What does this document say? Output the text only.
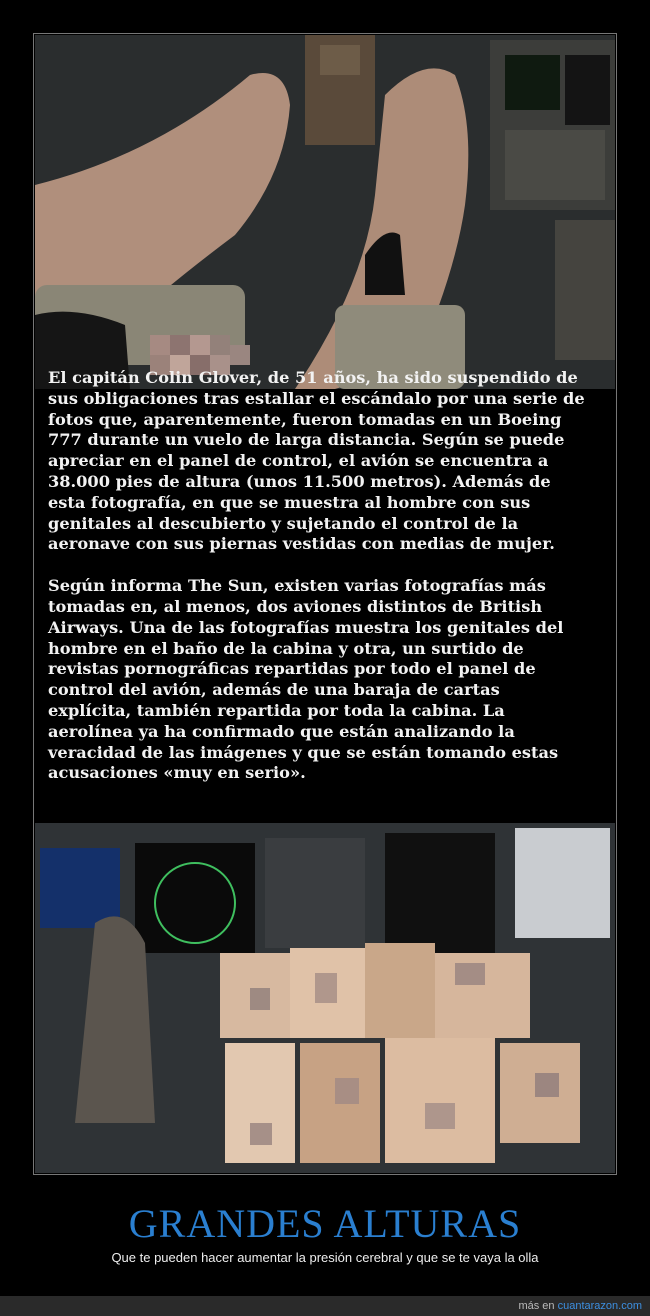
El capitán Colin Glover, de 51 años, ha sido suspendido de sus obligaciones tras estallar el escándalo por una serie de fotos que, aparentemente, fueron tomadas en un Boeing 777 durante un vuelo de larga distancia. Según se puede apreciar en el panel de control, el avión se encuentra a 38.000 pies de altura (unos 11.500 metros). Además de esta fotografía, en que se muestra al hombre con sus genitales al descubierto y sujetando el control de la aeronave con sus piernas vestidas con medias de mujer.

Según informa The Sun, existen varias fotografías más tomadas en, al menos, dos aviones distintos de British Airways. Una de las fotografías muestra los genitales del hombre en el baño de la cabina y otra, un surtido de revistas pornográficas repartidas por todo el panel de control del avión, además de una baraja de cartas explícita, también repartida por toda la cabina. La aerolínea ya ha confirmado que están analizando la veracidad de las imágenes y que se están tomando estas acusaciones «muy en serio».

GRANDES ALTURAS
Que te pueden hacer aumentar la presión cerebral y que se te vaya la olla
más en cuantarazon.com
